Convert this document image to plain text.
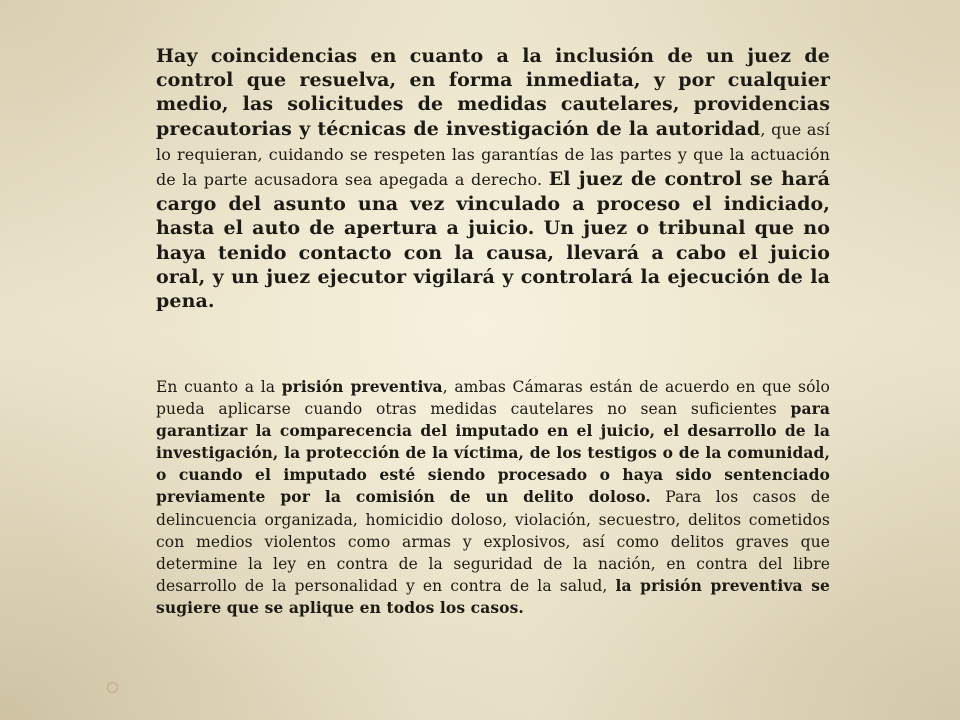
Hay coincidencias en cuanto a la inclusión de un juez de control que resuelva, en forma inmediata, y por cualquier medio, las solicitudes de medidas cautelares, providencias precautorias y técnicas de investigación de la autoridad, que así lo requieran, cuidando se respeten las garantías de las partes y que la actuación de la parte acusadora sea apegada a derecho. El juez de control se hará cargo del asunto una vez vinculado a proceso el indiciado, hasta el auto de apertura a juicio. Un juez o tribunal que no haya tenido contacto con la causa, llevará a cabo el juicio oral, y un juez ejecutor vigilará y controlará la ejecución de la pena.

En cuanto a la prisión preventiva, ambas Cámaras están de acuerdo en que sólo pueda aplicarse cuando otras medidas cautelares no sean suficientes para garantizar la comparecencia del imputado en el juicio, el desarrollo de la investigación, la protección de la víctima, de los testigos o de la comunidad, o cuando el imputado esté siendo procesado o haya sido sentenciado previamente por la comisión de un delito doloso. Para los casos de delincuencia organizada, homicidio doloso, violación, secuestro, delitos cometidos con medios violentos como armas y explosivos, así como delitos graves que determine la ley en contra de la seguridad de la nación, en contra del libre desarrollo de la personalidad y en contra de la salud, la prisión preventiva se sugiere que se aplique en todos los casos.
